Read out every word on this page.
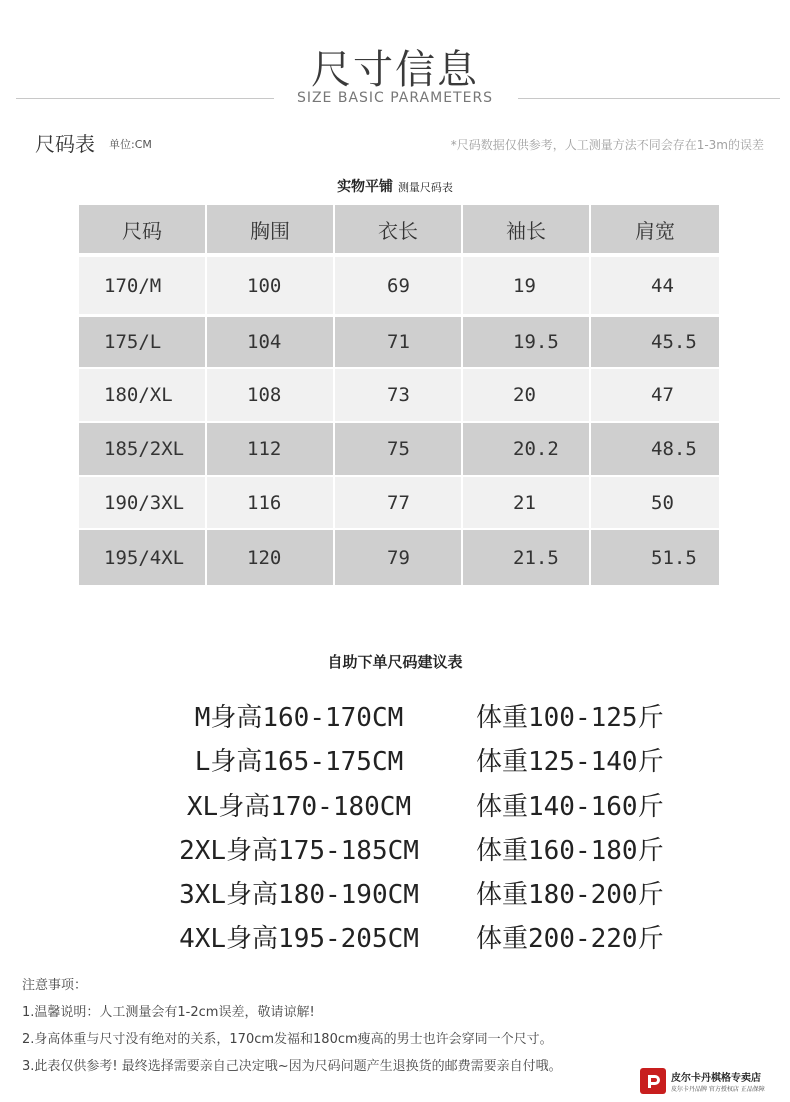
尺寸信息
SIZE BASIC PARAMETERS
尺码表 单位:CM	*尺码数据仅供参考，人工测量方法不同会存在1-3m的误差
实物平铺 测量尺码表
尺码	胸围	衣长	袖长	肩宽
170/M	100	69	19	44
175/L	104	71	19.5	45.5
180/XL	108	73	20	47
185/2XL	112	75	20.2	48.5
190/3XL	116	77	21	50
195/4XL	120	79	21.5	51.5
自助下单尺码建议表
M身高160-170CM	体重100-125斤
L身高165-175CM	体重125-140斤
XL身高170-180CM	体重140-160斤
2XL身高175-185CM	体重160-180斤
3XL身高180-190CM	体重180-200斤
4XL身高195-205CM	体重200-220斤
注意事项：
1.温馨说明：人工测量会有1-2cm误差，敬请谅解!
2.身高体重与尺寸没有绝对的关系，170cm发福和180cm瘦高的男士也许会穿同一个尺寸。
3.此表仅供参考! 最终选择需要亲自己决定哦~因为尺码问题产生退换货的邮费需要亲自付哦。
皮尔卡丹棋格专卖店
皮尔卡丹品牌 官方授权店 正品保障
